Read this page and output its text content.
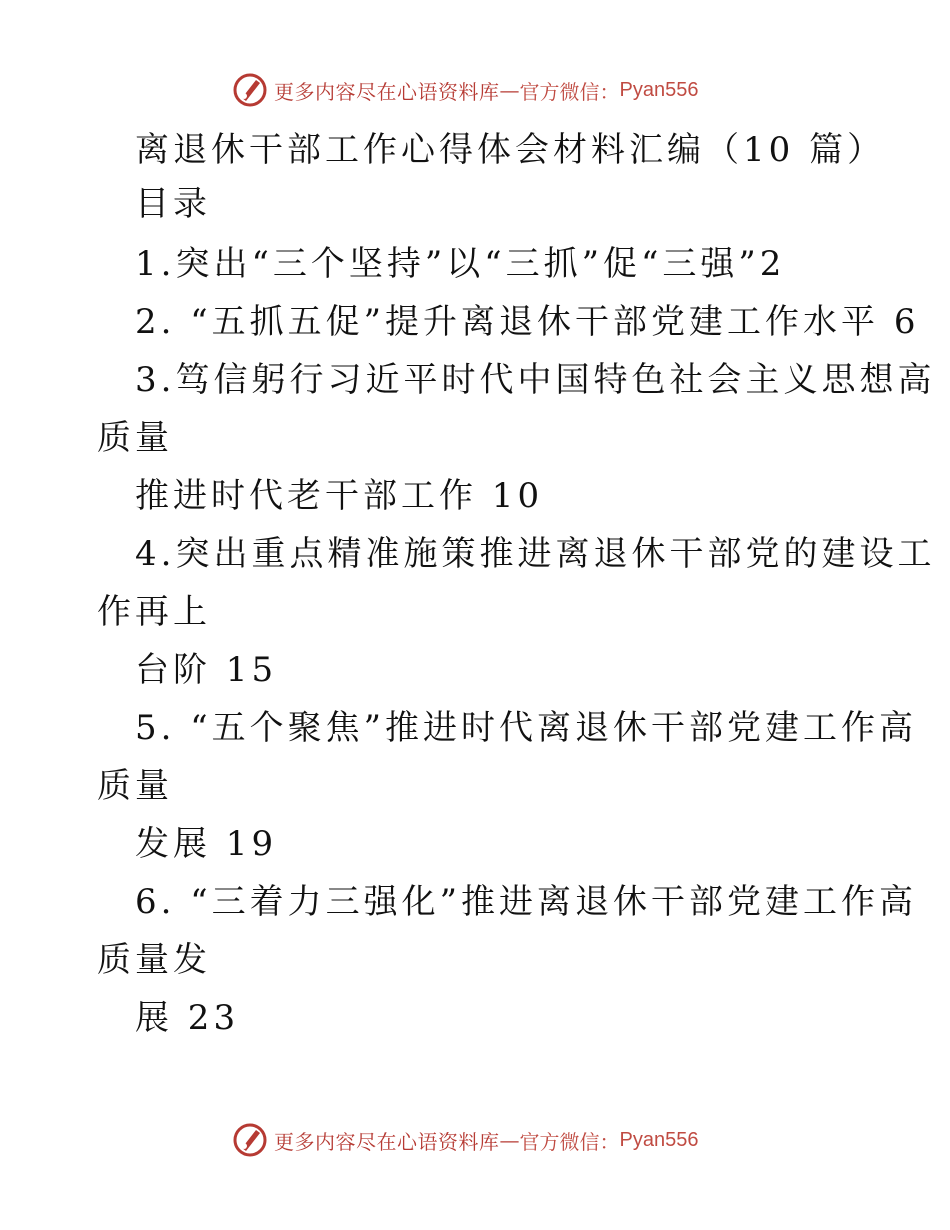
更多内容尽在心语资料库 — 官方微信： Pyan556
离退休干部工作心得体会材料汇编（10 篇）
目录
1.突出“三个坚持”以“三抓”促“三强”2
2. “五抓五促”提升离退休干部党建工作水平 6
3.笃信躬行习近平时代中国特色社会主义思想高
质量
推进时代老干部工作 10
4.突出重点精准施策推进离退休干部党的建设工
作再上
台阶 15
5. “五个聚焦”推进时代离退休干部党建工作高
质量
发展 19
6. “三着力三强化”推进离退休干部党建工作高
质量发
展 23
更多内容尽在心语资料库 — 官方微信： Pyan556
